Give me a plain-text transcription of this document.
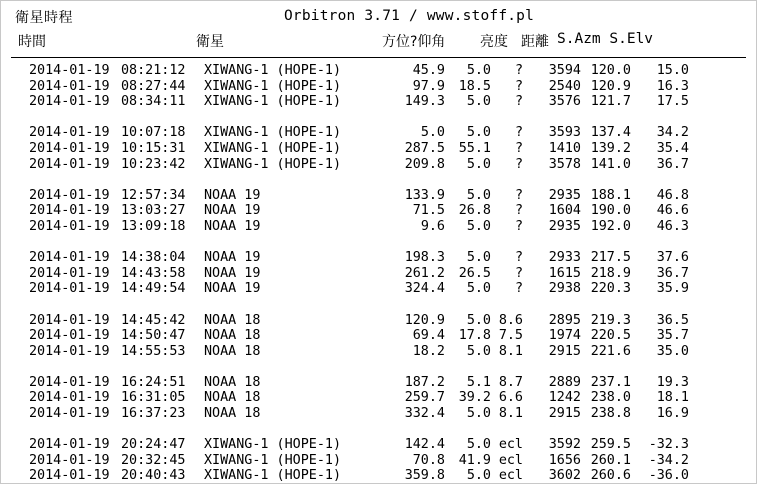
衛星時程	Orbitron 3.71 / www.stoff.pl
時間	衛星	方位?仰角 亮度 距離 S.Azm S.Elv
2014-01-19 08:21:12 XIWANG-1 (HOPE-1)	45.9	5.0	?	3594 120.0	15.0
2014-01-19 08:27:44 XIWANG-1 (HOPE-1)	97.9	18.5	?	2540 120.9	16.3
2014-01-19 08:34:11 XIWANG-1 (HOPE-1)	149.3	5.0	?	3576 121.7	17.5
2014-01-19 10:07:18 XIWANG-1 (HOPE-1)	5.0	5.0	?	3593 137.4	34.2
2014-01-19 10:15:31 XIWANG-1 (HOPE-1)	287.5	55.1	?	1410 139.2	35.4
2014-01-19 10:23:42 XIWANG-1 (HOPE-1)	209.8	5.0	?	3578 141.0	36.7
2014-01-19 12:57:34 NOAA 19	133.9	5.0	?	2935 188.1	46.8
2014-01-19 13:03:27 NOAA 19	71.5	26.8	?	1604 190.0	46.6
2014-01-19 13:09:18 NOAA 19	9.6	5.0	?	2935 192.0	46.3
2014-01-19 14:38:04 NOAA 19	198.3	5.0	?	2933 217.5	37.6
2014-01-19 14:43:58 NOAA 19	261.2	26.5	?	1615 218.9	36.7
2014-01-19 14:49:54 NOAA 19	324.4	5.0	?	2938 220.3	35.9
2014-01-19 14:45:42 NOAA 18	120.9	5.0 8.6	2895 219.3	36.5
2014-01-19 14:50:47 NOAA 18	69.4	17.8 7.5	1974 220.5	35.7
2014-01-19 14:55:53 NOAA 18	18.2	5.0 8.1	2915 221.6	35.0
2014-01-19 16:24:51 NOAA 18	187.2	5.1 8.7	2889 237.1	19.3
2014-01-19 16:31:05 NOAA 18	259.7	39.2 6.6	1242 238.0	18.1
2014-01-19 16:37:23 NOAA 18	332.4	5.0 8.1	2915 238.8	16.9
2014-01-19 20:24:47 XIWANG-1 (HOPE-1)	142.4	5.0 ecl	3592 259.5	-32.3
2014-01-19 20:32:45 XIWANG-1 (HOPE-1)	70.8	41.9 ecl	1656 260.1	-34.2
2014-01-19 20:40:43 XIWANG-1 (HOPE-1)	359.8	5.0 ecl	3602 260.6	-36.0
